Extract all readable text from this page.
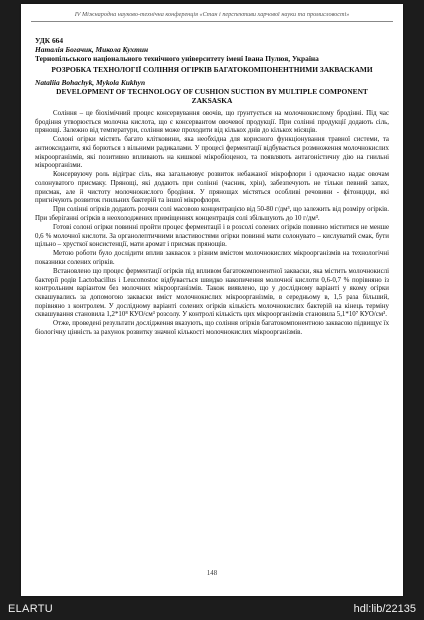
IV Міжнародна науково-технічна конференція «Стан і перспективи харчової науки та промисловості»
УДК 664
Наталія Богачик, Микола Кухтин
Тернопільського національного технічного університету імені Івана Пулюя, Україна
РОЗРОБКА ТЕХНОЛОГІЇ СОЛІННЯ ОГІРКІВ БАГАТОКОМПОНЕНТНИМИ ЗАКВАСКАМИ
Nataliia Bohachyk, Mykola Kukhyn
DEVELOPMENT OF TECHNOLOGY OF CUSHION SUCTION BY MULTIPLE COMPONENT ZAKSASKA

Соління – це біохімічний процес консервування овочів, що ґрунтується на молочнокислому бродінні. Під час бродіння утворюється молочна кислота, що є консервантом овочевої продукції. При солінні продукції додають сіль, прянощі. Залежно від температури, соління може проходити від кількох днів до кількох місяців.

Солоні огірки містять багато клітковини, яка необхідна для корисного функціонування травної системи, та антиоксиданти, які борються з вільними радикалами. У процесі ферментації відбувається розмноження молочнокислих мікроорганізмів, які позитивно впливають на кишкові мікробіоценоз, та появляють антагоністичну дію на гнильні мікроорганізми.

Консервуючу роль відіграє сіль, яка загальмовує розвиток небажаної мікрофлори і одночасно надає овочам солонуватого присмаку. Прянощі, які додають при солінні (часник, хрін), забезпечують не тільки певний запах, присмак, але й чистоту молочнокислого бродіння. У прянощах містяться особливі речовини - фітонциди, які пригнічують розвиток гнильних бактерій та іншої мікрофлори.

При солінні огірків додають розчин солі масовою концентрацією від 50-80 г/дм³, що залежить від розміру огірків. При зберіганні огірків в неохолоджених приміщеннях концентрація солі збільшують до 10 г/дм³.

Готові солоні огірки повинні пройти процес ферментації і в розсолі солених огірків повинно міститися не менше 0,6 % молочної кислоти. За органолептичними властивостями огірки повинні мати солонувато – кислуватий смак, бути щільно – хрусткої консистенції, мати аромат і присмак прянощів.

Метою роботи було дослідити вплив заквасок з різним вмістом молочнокислих мікроорганізмів на технологічні показники солених огірків.

Встановлено що процес ферментації огірків під впливом багатокомпонентної закваски, яка містить молочнокислі бактерії родів Lactobacillus і Leuconostoc відбувається швидко накопичення молочної кислоти 0,6-0,7 % порівняно із контрольним варіантом без молочних мікроорганізмів. Також виявлено, що у дослідному варіанті у якому огірки сквашувались за допомогою закваски вміст молочнокислих мікроорганізмів, в середньому в, 1,5 раза більший, порівняно з контролем. У дослідному варіанті солених огірків кількість молочнокислих бактерій на кінець терміну сквашування становила 1,2*10⁸ КУО/см³ розсолу. У контролі кількість цих мікроорганізмів становила 5,1*10⁷ КУО/см³.

Отже, проведені результати дослідження вказують, що соління огірків багатокомпонентною заквасою підвищує їх біологічну цінність за рахунок розвитку значної кількості молочнокислих мікроорганізмів.

148
ELARTU	hdl:lib/22135
